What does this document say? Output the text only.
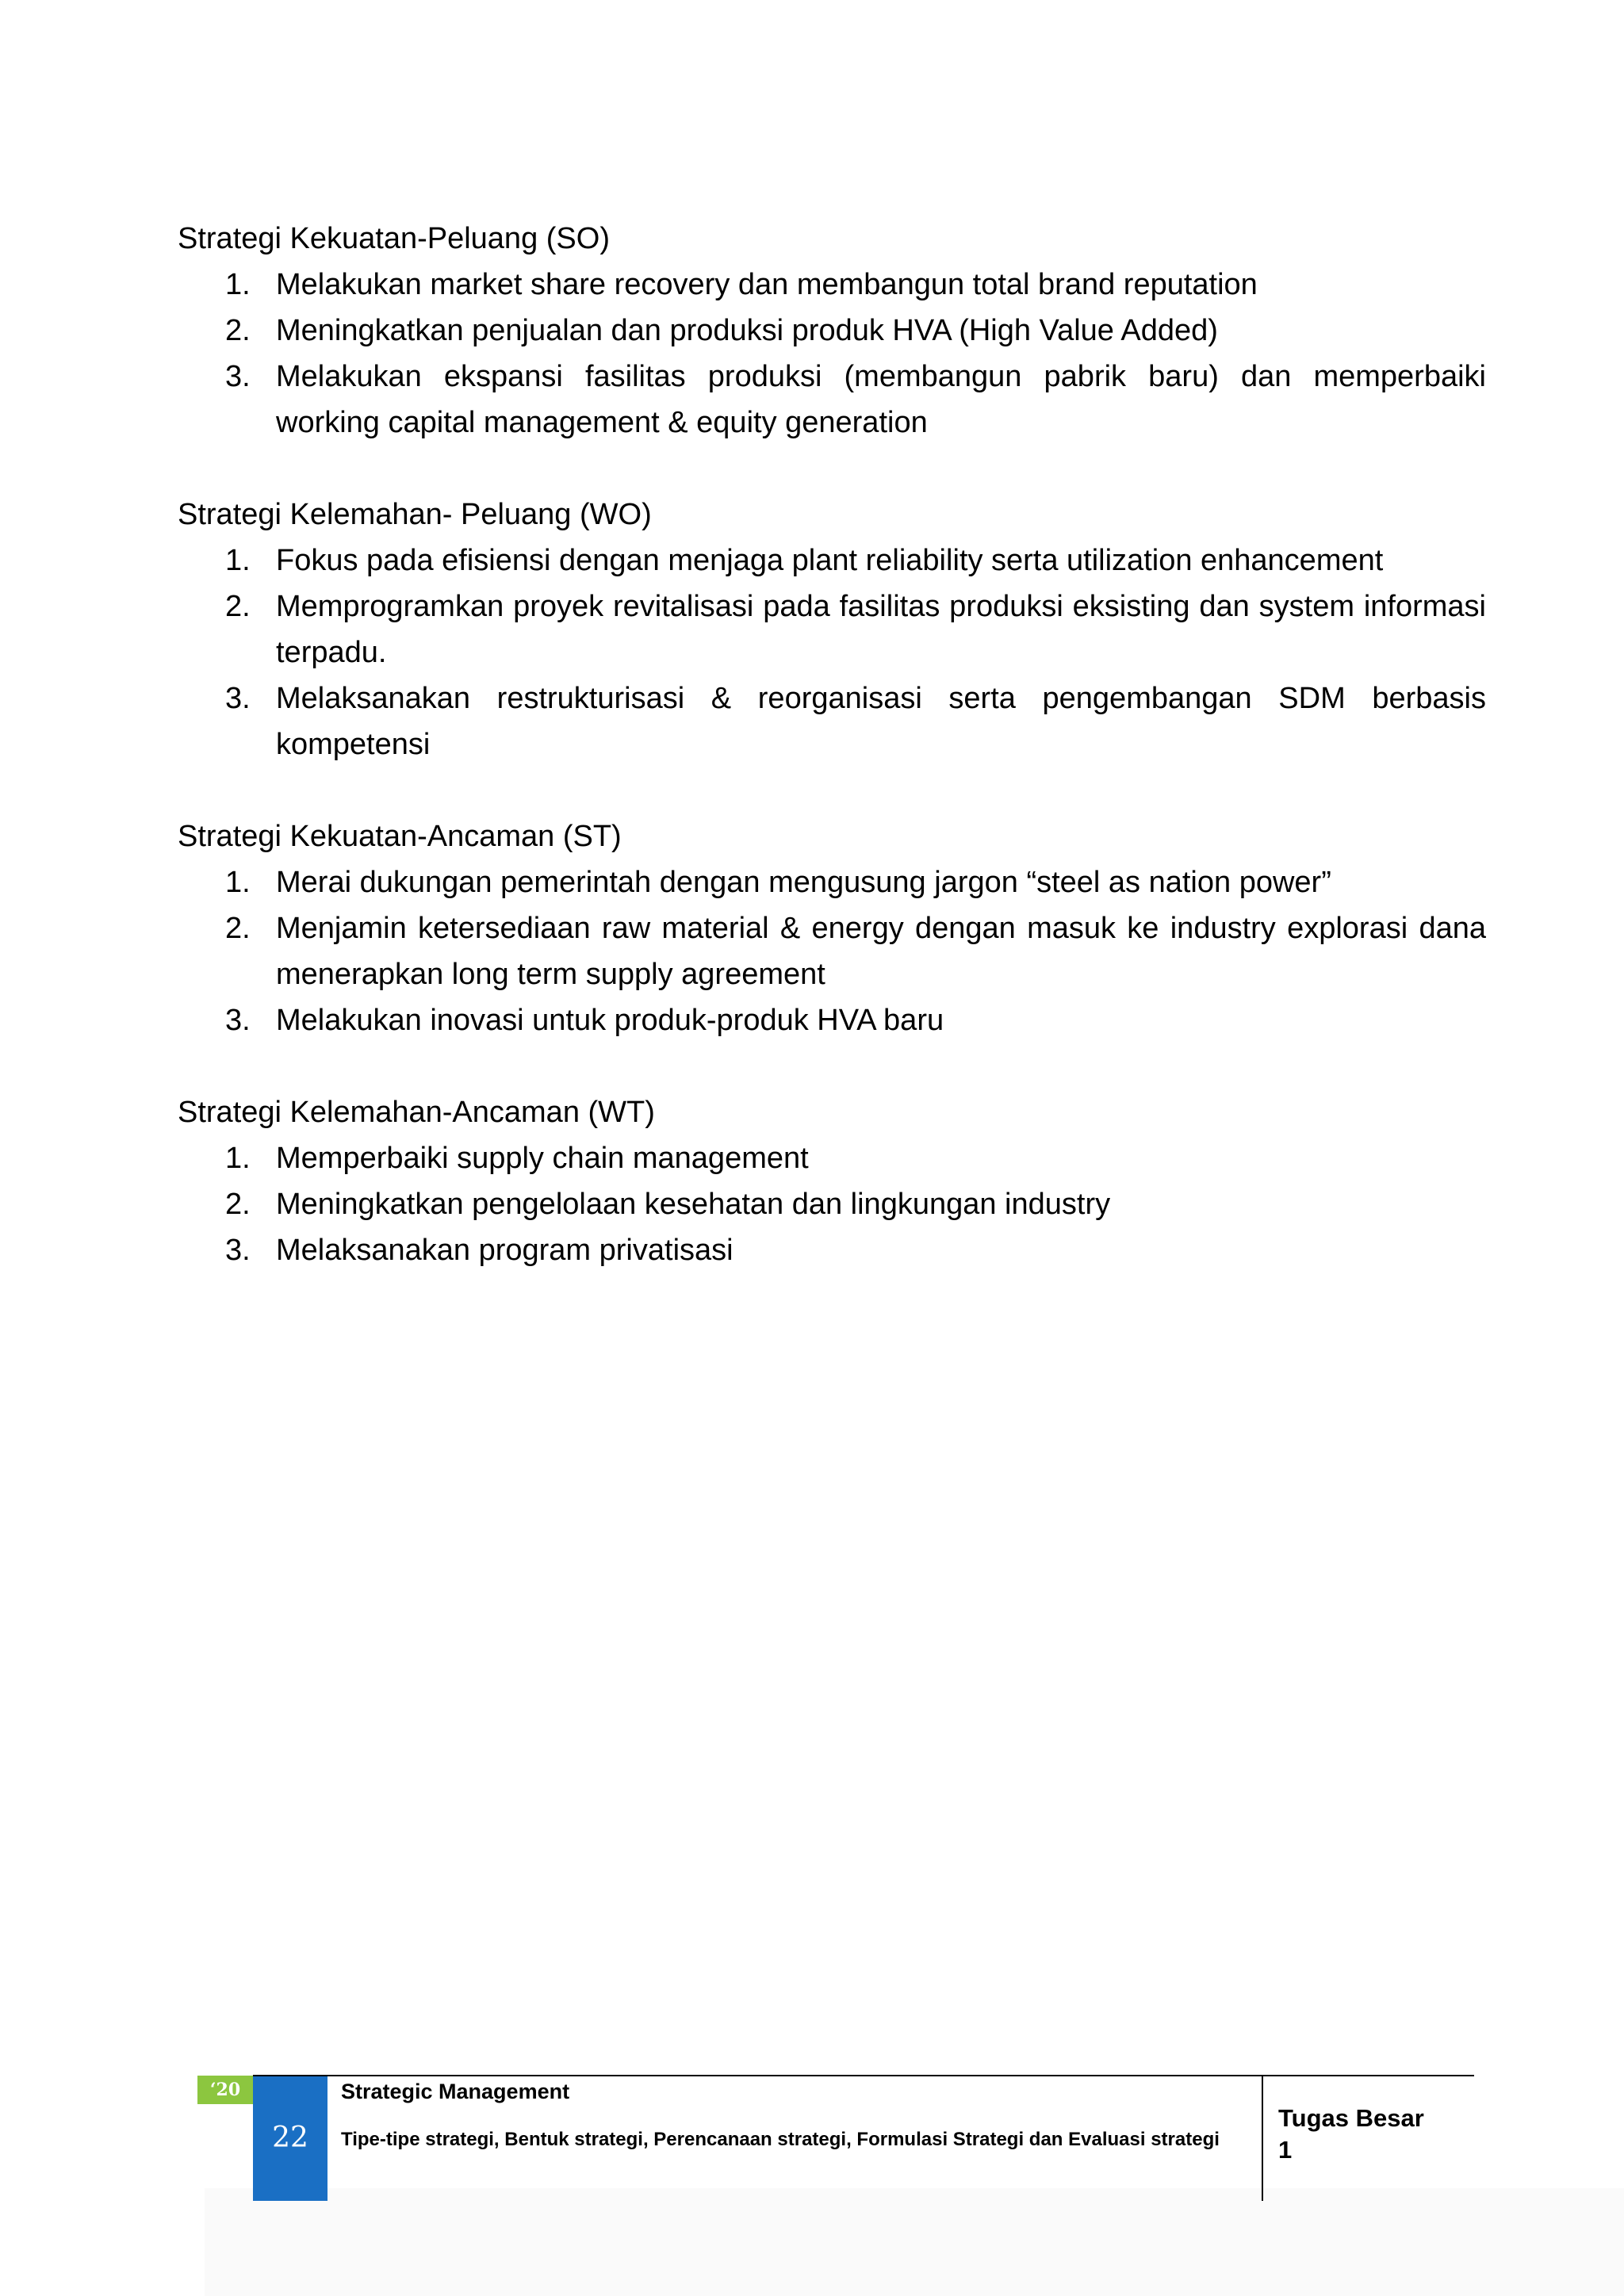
Strategi Kekuatan-Peluang (SO)
1. Melakukan market share recovery dan membangun total brand reputation
2. Meningkatkan penjualan dan produksi produk HVA (High Value Added)
3. Melakukan ekspansi fasilitas produksi (membangun pabrik baru) dan memperbaiki working capital management & equity generation
Strategi Kelemahan- Peluang (WO)
1. Fokus pada efisiensi dengan menjaga plant reliability serta utilization enhancement
2. Memprogramkan proyek revitalisasi pada fasilitas produksi eksisting dan system informasi terpadu.
3. Melaksanakan restrukturisasi & reorganisasi serta pengembangan SDM berbasis kompetensi
Strategi Kekuatan-Ancaman (ST)
1. Merai dukungan pemerintah dengan mengusung jargon “steel as nation power”
2. Menjamin ketersediaan raw material & energy dengan masuk ke industry explorasi dana menerapkan long term supply agreement
3. Melakukan inovasi untuk produk-produk HVA baru
Strategi Kelemahan-Ancaman (WT)
1. Memperbaiki supply chain management
2. Meningkatkan pengelolaan kesehatan dan lingkungan industry
3. Melaksanakan program privatisasi
‘20
22
Strategic Management
Tipe-tipe strategi, Bentuk strategi, Perencanaan strategi, Formulasi Strategi dan Evaluasi strategi
Tugas Besar
1
